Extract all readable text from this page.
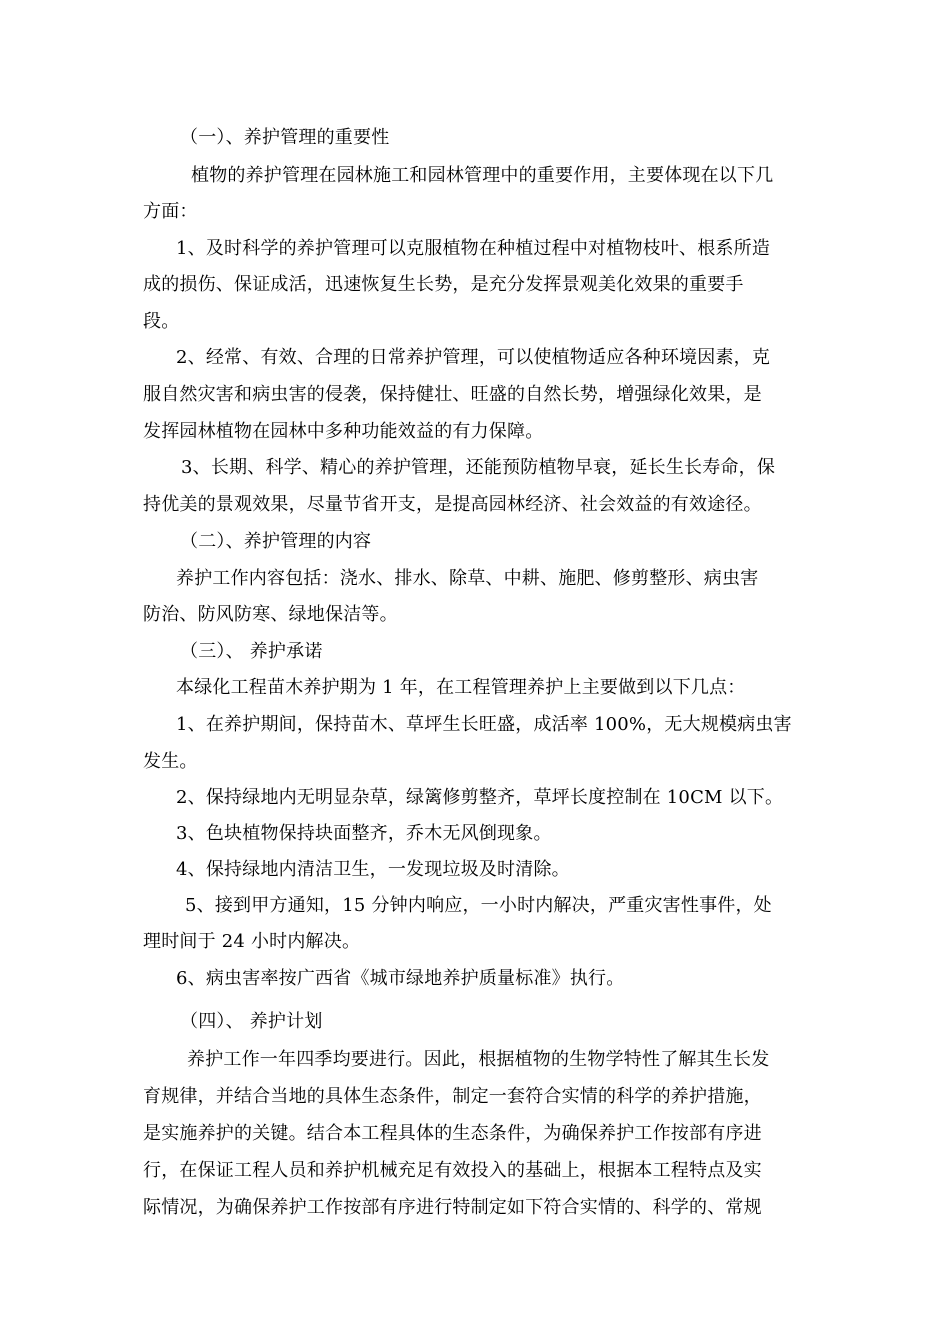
（一）、养护管理的重要性
植物的养护管理在园林施工和园林管理中的重要作用，主要体现在以下几
方面：
1、及时科学的养护管理可以克服植物在种植过程中对植物枝叶、根系所造
成的损伤、保证成活，迅速恢复生长势，是充分发挥景观美化效果的重要手
段。
2、经常、有效、合理的日常养护管理，可以使植物适应各种环境因素，克
服自然灾害和病虫害的侵袭，保持健壮、旺盛的自然长势，增强绿化效果，是
发挥园林植物在园林中多种功能效益的有力保障。
3、长期、科学、精心的养护管理，还能预防植物早衰，延长生长寿命，保
持优美的景观效果，尽量节省开支，是提高园林经济、社会效益的有效途径。
（二）、养护管理的内容
养护工作内容包括：浇水、排水、除草、中耕、施肥、修剪整形、病虫害
防治、防风防寒、绿地保洁等。
（三）、 养护承诺
本绿化工程苗木养护期为 1 年，在工程管理养护上主要做到以下几点：
1、在养护期间，保持苗木、草坪生长旺盛，成活率 100%，无大规模病虫害
发生。
2、保持绿地内无明显杂草，绿篱修剪整齐，草坪长度控制在 10CM 以下。
3、色块植物保持块面整齐，乔木无风倒现象。
4、保持绿地内清洁卫生，一发现垃圾及时清除。
5、接到甲方通知，15 分钟内响应，一小时内解决，严重灾害性事件，处
理时间于 24 小时内解决。
6、病虫害率按广西省《城市绿地养护质量标准》执行。
（四）、 养护计划
养护工作一年四季均要进行。因此，根据植物的生物学特性了解其生长发
育规律，并结合当地的具体生态条件，制定一套符合实情的科学的养护措施，
是实施养护的关键。结合本工程具体的生态条件，为确保养护工作按部有序进
行，在保证工程人员和养护机械充足有效投入的基础上，根据本工程特点及实
际情况，为确保养护工作按部有序进行特制定如下符合实情的、科学的、常规
